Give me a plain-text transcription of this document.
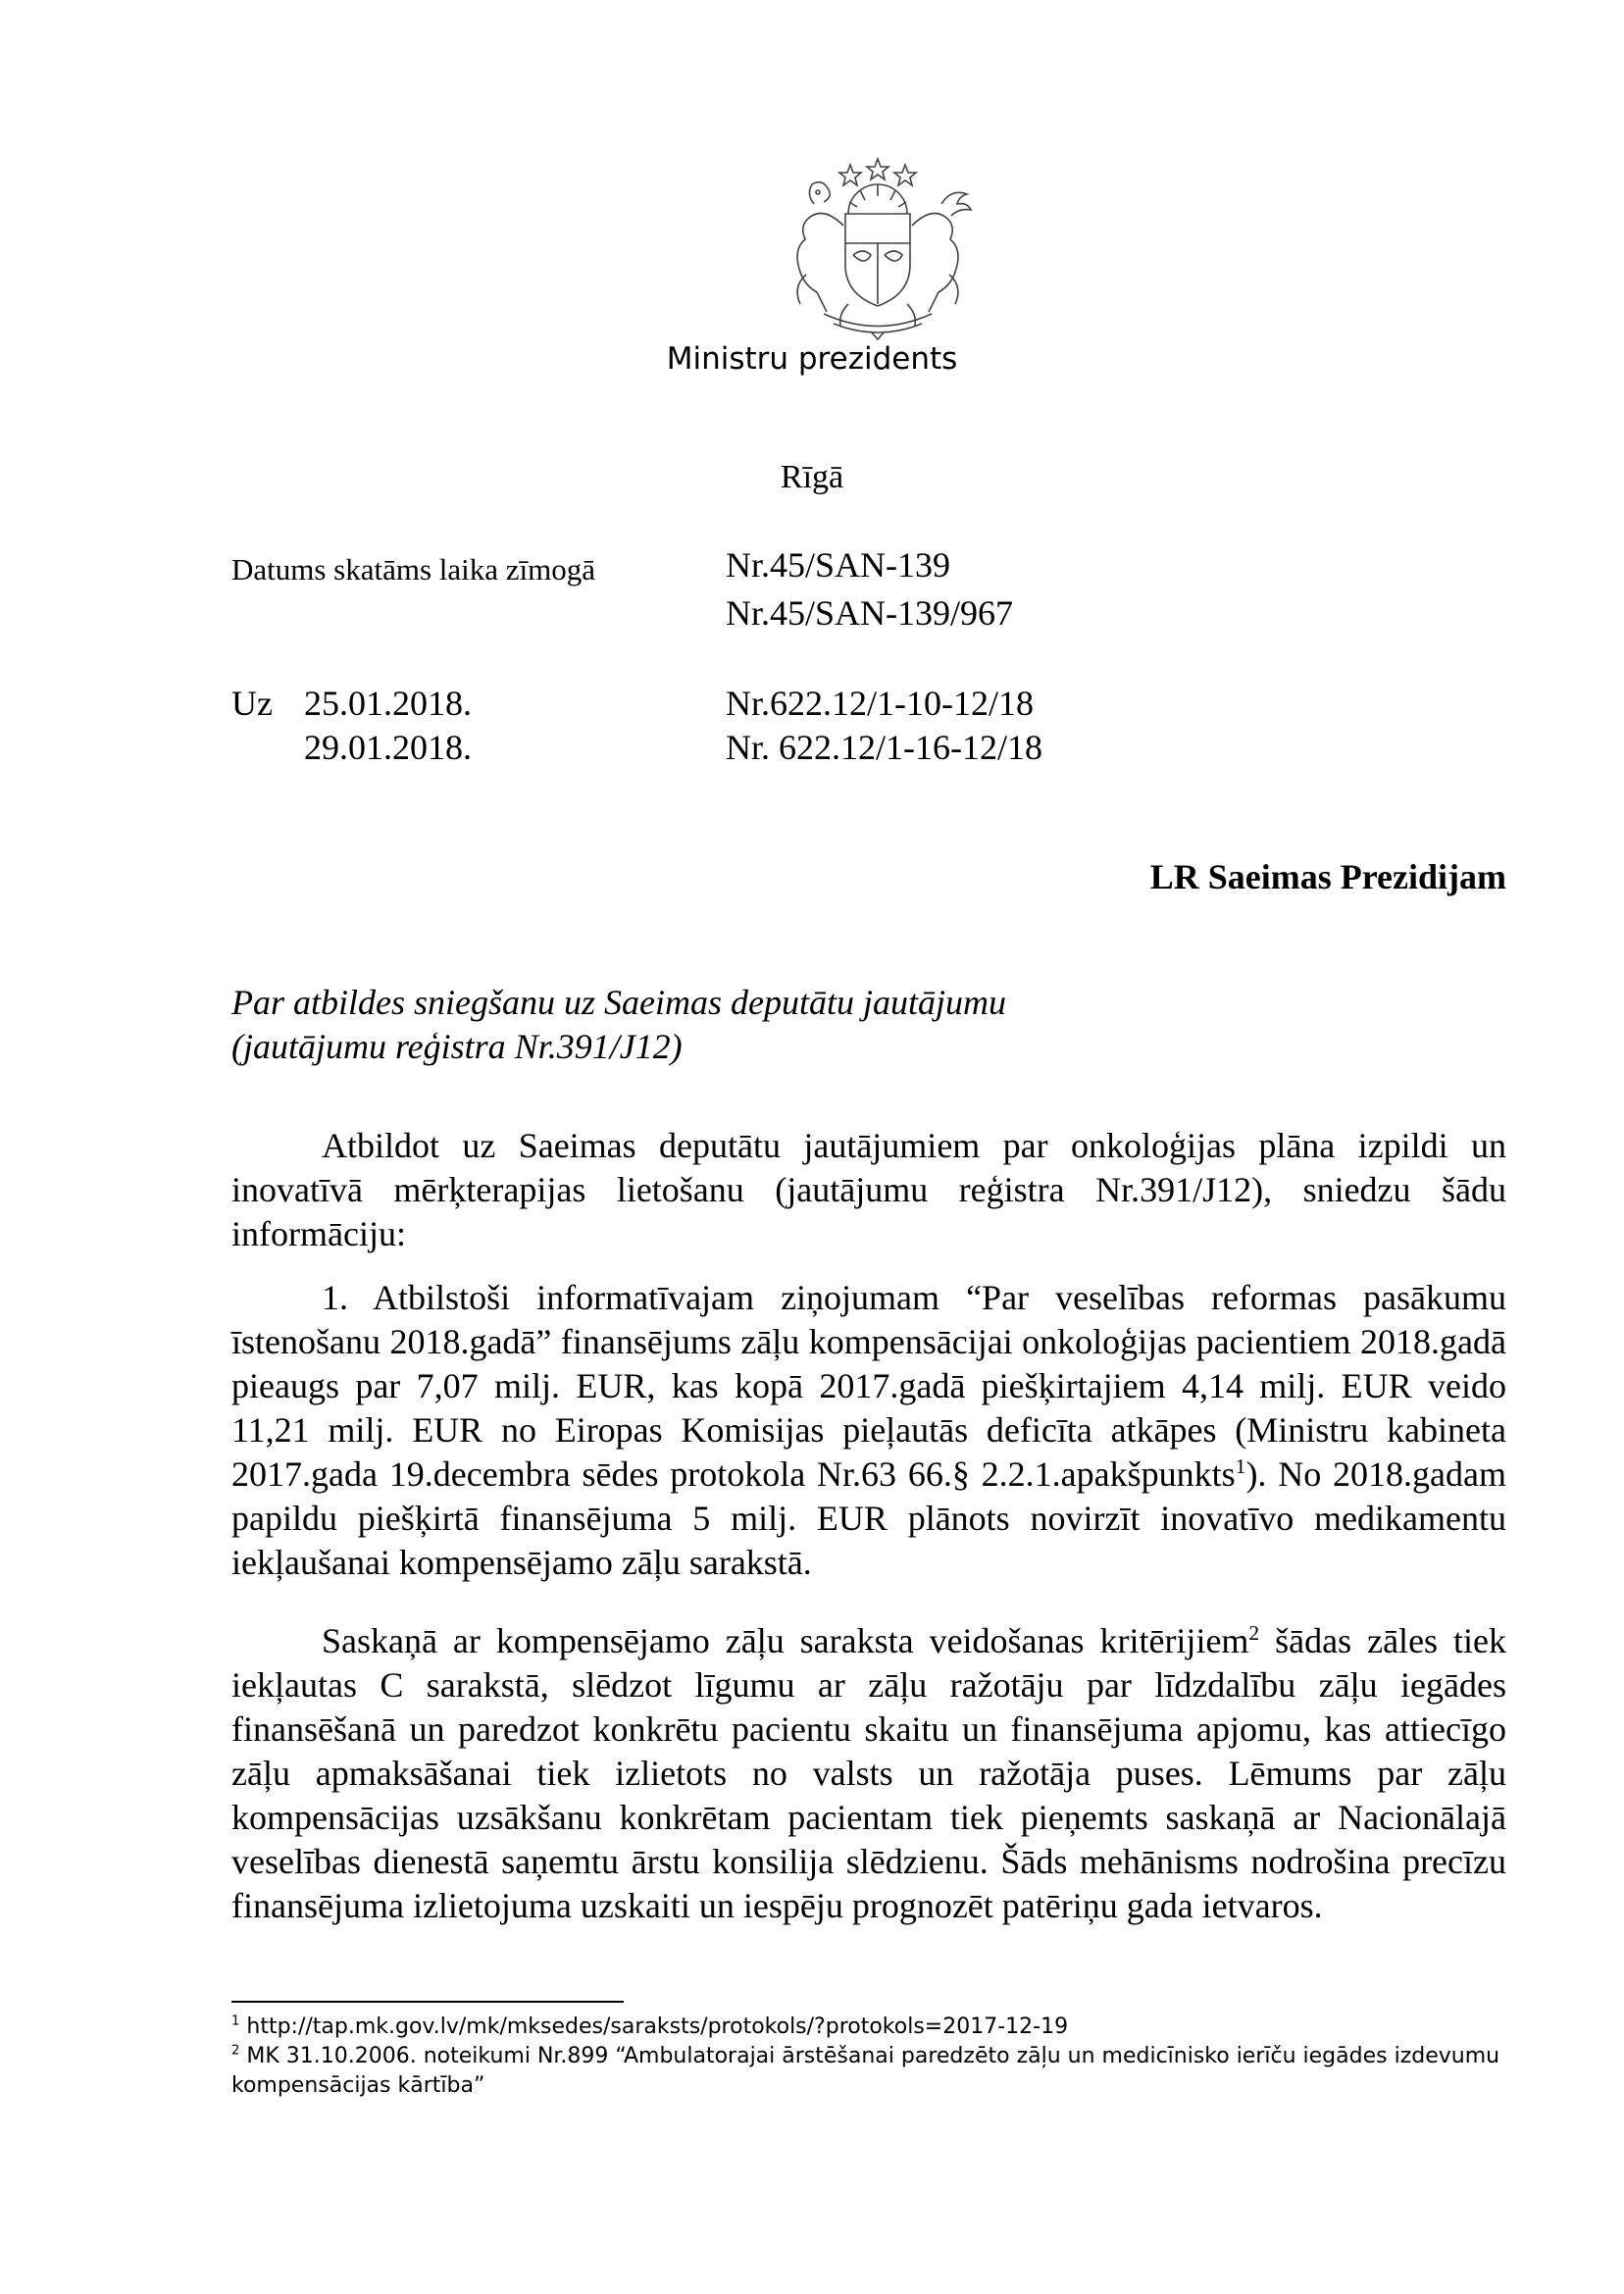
Ministru prezidents
Rīgā
Datums skatāms laika zīmogā	Nr.45/SAN-139
Nr.45/SAN-139/967
Uz 25.01.2018.
29.01.2018.
Nr.622.12/1-10-12/18
Nr. 622.12/1-16-12/18
LR Saeimas Prezidijam
Par atbildes sniegšanu uz Saeimas deputātu jautājumu
(jautājumu reģistra Nr.391/J12)

Atbildot uz Saeimas deputātu jautājumiem par onkoloģijas plāna izpildi un inovatīvā mērķterapijas lietošanu (jautājumu reģistra Nr.391/J12), sniedzu šādu informāciju:

1. Atbilstoši informatīvajam ziņojumam “Par veselības reformas pasākumu īstenošanu 2018.gadā” finansējums zāļu kompensācijai onkoloģijas pacientiem 2018.gadā pieaugs par 7,07 milj. EUR, kas kopā 2017.gadā piešķirtajiem 4,14 milj. EUR veido 11,21 milj. EUR no Eiropas Komisijas pieļautās deficīta atkāpes (Ministru kabineta 2017.gada 19.decembra sēdes protokola Nr.63 66.§ 2.2.1.apakšpunkts$^1$). No 2018.gadam papildu piešķirtā finansējuma 5 milj. EUR plānots novirzīt inovatīvo medikamentu iekļaušanai kompensējamo zāļu sarakstā.

Saskaņā ar kompensējamo zāļu saraksta veidošanas kritērijiem$^2$ šādas zāles tiek iekļautas C sarakstā, slēdzot līgumu ar zāļu ražotāju par līdzdalību zāļu iegādes finansēšanā un paredzot konkrētu pacientu skaitu un finansējuma apjomu, kas attiecīgo zāļu apmaksāšanai tiek izlietots no valsts un ražotāja puses. Lēmums par zāļu kompensācijas uzsākšanu konkrētam pacientam tiek pieņemts saskaņā ar Nacionālajā veselības dienestā saņemtu ārstu konsilija slēdzienu. Šāds mehānisms nodrošina precīzu finansējuma izlietojuma uzskaiti un iespēju prognozēt patēriņu gada ietvaros.

$^1$ http://tap.mk.gov.lv/mk/mksedes/saraksts/protokols/?protokols=2017-12-19

$^2$ MK 31.10.2006. noteikumi Nr.899 “Ambulatorajai ārstēšanai paredzēto zāļu un medicīnisko ierīču iegādes izdevumu kompensācijas kārtība”
